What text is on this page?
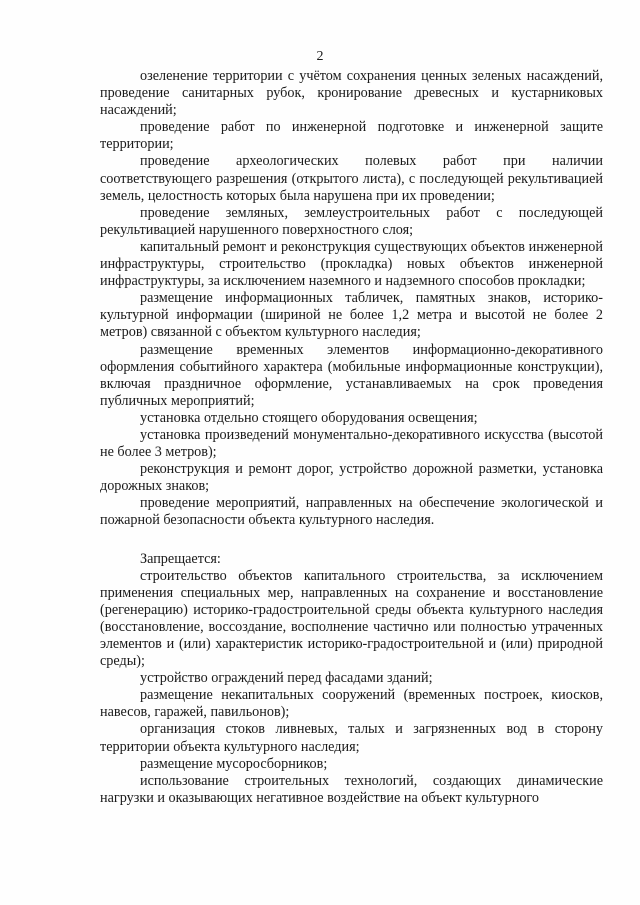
2

озеленение территории с учётом сохранения ценных зеленых насаждений, проведение санитарных рубок, кронирование древесных и кустарниковых насаждений;

проведение работ по инженерной подготовке и инженерной защите территории;

проведение археологических полевых работ при наличии соответствующего разрешения (открытого листа), с последующей рекультивацией земель, целостность которых была нарушена при их проведении;

проведение земляных, землеустроительных работ с последующей рекультивацией нарушенного поверхностного слоя;

капитальный ремонт и реконструкция существующих объектов инженерной инфраструктуры, строительство (прокладка) новых объектов инженерной инфраструктуры, за исключением наземного и надземного способов прокладки;

размещение информационных табличек, памятных знаков, историко-культурной информации (шириной не более 1,2 метра и высотой не более 2 метров) связанной с объектом культурного наследия;

размещение временных элементов информационно-декоративного оформления событийного характера (мобильные информационные конструкции), включая праздничное оформление, устанавливаемых на срок проведения публичных мероприятий;

установка отдельно стоящего оборудования освещения;

установка произведений монументально-декоративного искусства (высотой не более 3 метров);

реконструкция и ремонт дорог, устройство дорожной разметки, установка дорожных знаков;

проведение мероприятий, направленных на обеспечение экологической и пожарной безопасности объекта культурного наследия.

Запрещается:

строительство объектов капитального строительства, за исключением применения специальных мер, направленных на сохранение и восстановление (регенерацию) историко-градостроительной среды объекта культурного наследия (восстановление, воссоздание, восполнение частично или полностью утраченных элементов и (или) характеристик историко-градостроительной и (или) природной среды);

устройство ограждений перед фасадами зданий;

размещение некапитальных сооружений (временных построек, киосков, навесов, гаражей, павильонов);

организация стоков ливневых, талых и загрязненных вод в сторону территории объекта культурного наследия;

размещение мусоросборников;

использование строительных технологий, создающих динамические нагрузки и оказывающих негативное воздействие на объект культурного
